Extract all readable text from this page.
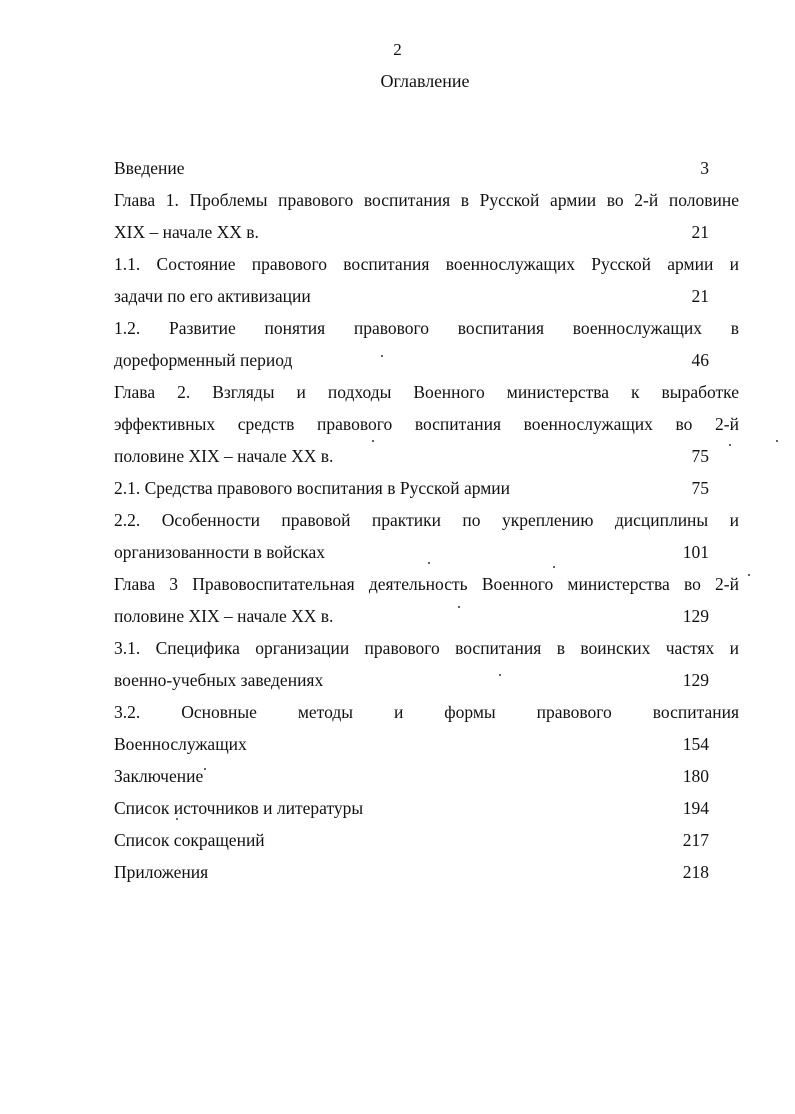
2
Оглавление
Введение	3
Глава 1. Проблемы правового воспитания в Русской армии во 2-й половине
XIX – начале XX в.	21
1.1. Состояние правового воспитания военнослужащих Русской армии и
задачи по его активизации	21
1.2. Развитие понятия правового воспитания военнослужащих в
дореформенный период	46
Глава 2. Взгляды и подходы Военного министерства к выработке
эффективных средств правового воспитания военнослужащих во 2-й
половине XIX – начале XX в.	75
2.1. Средства правового воспитания в Русской армии	75
2.2. Особенности правовой практики по укреплению дисциплины и
организованности в войсках	101
Глава 3 Правовоспитательная деятельность Военного министерства во 2-й
половине XIX – начале XX в.	129
3.1. Специфика организации правового воспитания в воинских частях и
военно-учебных заведениях	129
3.2. Основные методы и формы правового воспитания
Военнослужащих	154
Заключение	180
Список источников и литературы	194
Список сокращений	217
Приложения	218
